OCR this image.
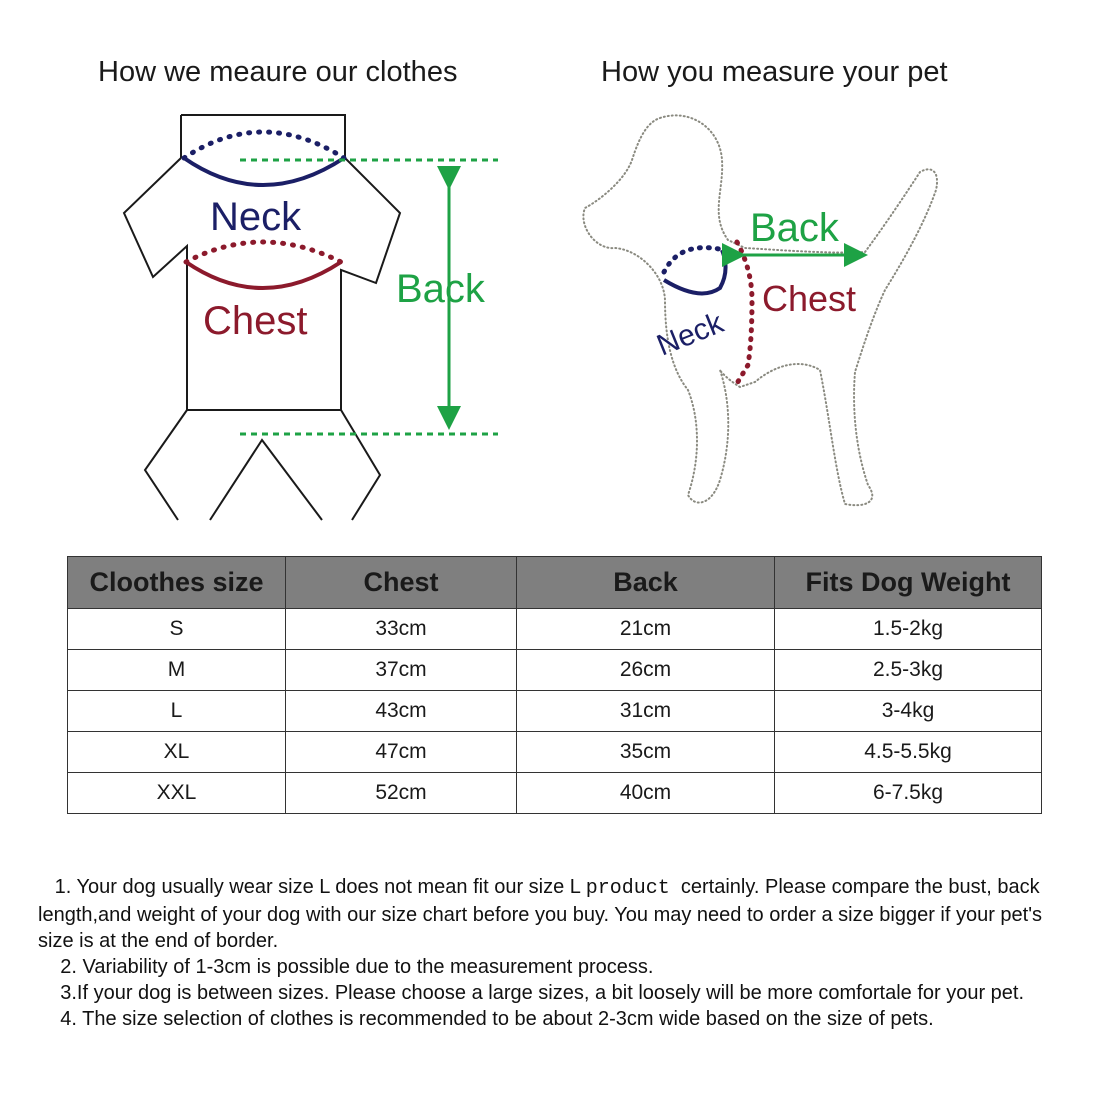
How we meaure our clothes	How you measure your pet
Neck
Chest
Back
Back
Chest
Neck
Cloothes size	Chest	Back	Fits Dog Weight
S	33cm	21cm	1.5-2kg
M	37cm	26cm	2.5-3kg
L	43cm	31cm	3-4kg
XL	47cm	35cm	4.5-5.5kg
XXL	52cm	40cm	6-7.5kg

1. Your dog usually wear size L does not mean fit our size L product certainly. Please compare the bust, back length,and weight of your dog with our size chart before you buy. You may need to order a size bigger if your pet's size is at the end of border.

2. Variability of 1-3cm is possible due to the measurement process.

3.If your dog is between sizes. Please choose a large sizes, a bit loosely will be more comfortale for your pet.

4. The size selection of clothes is recommended to be about 2-3cm wide based on the size of pets.
